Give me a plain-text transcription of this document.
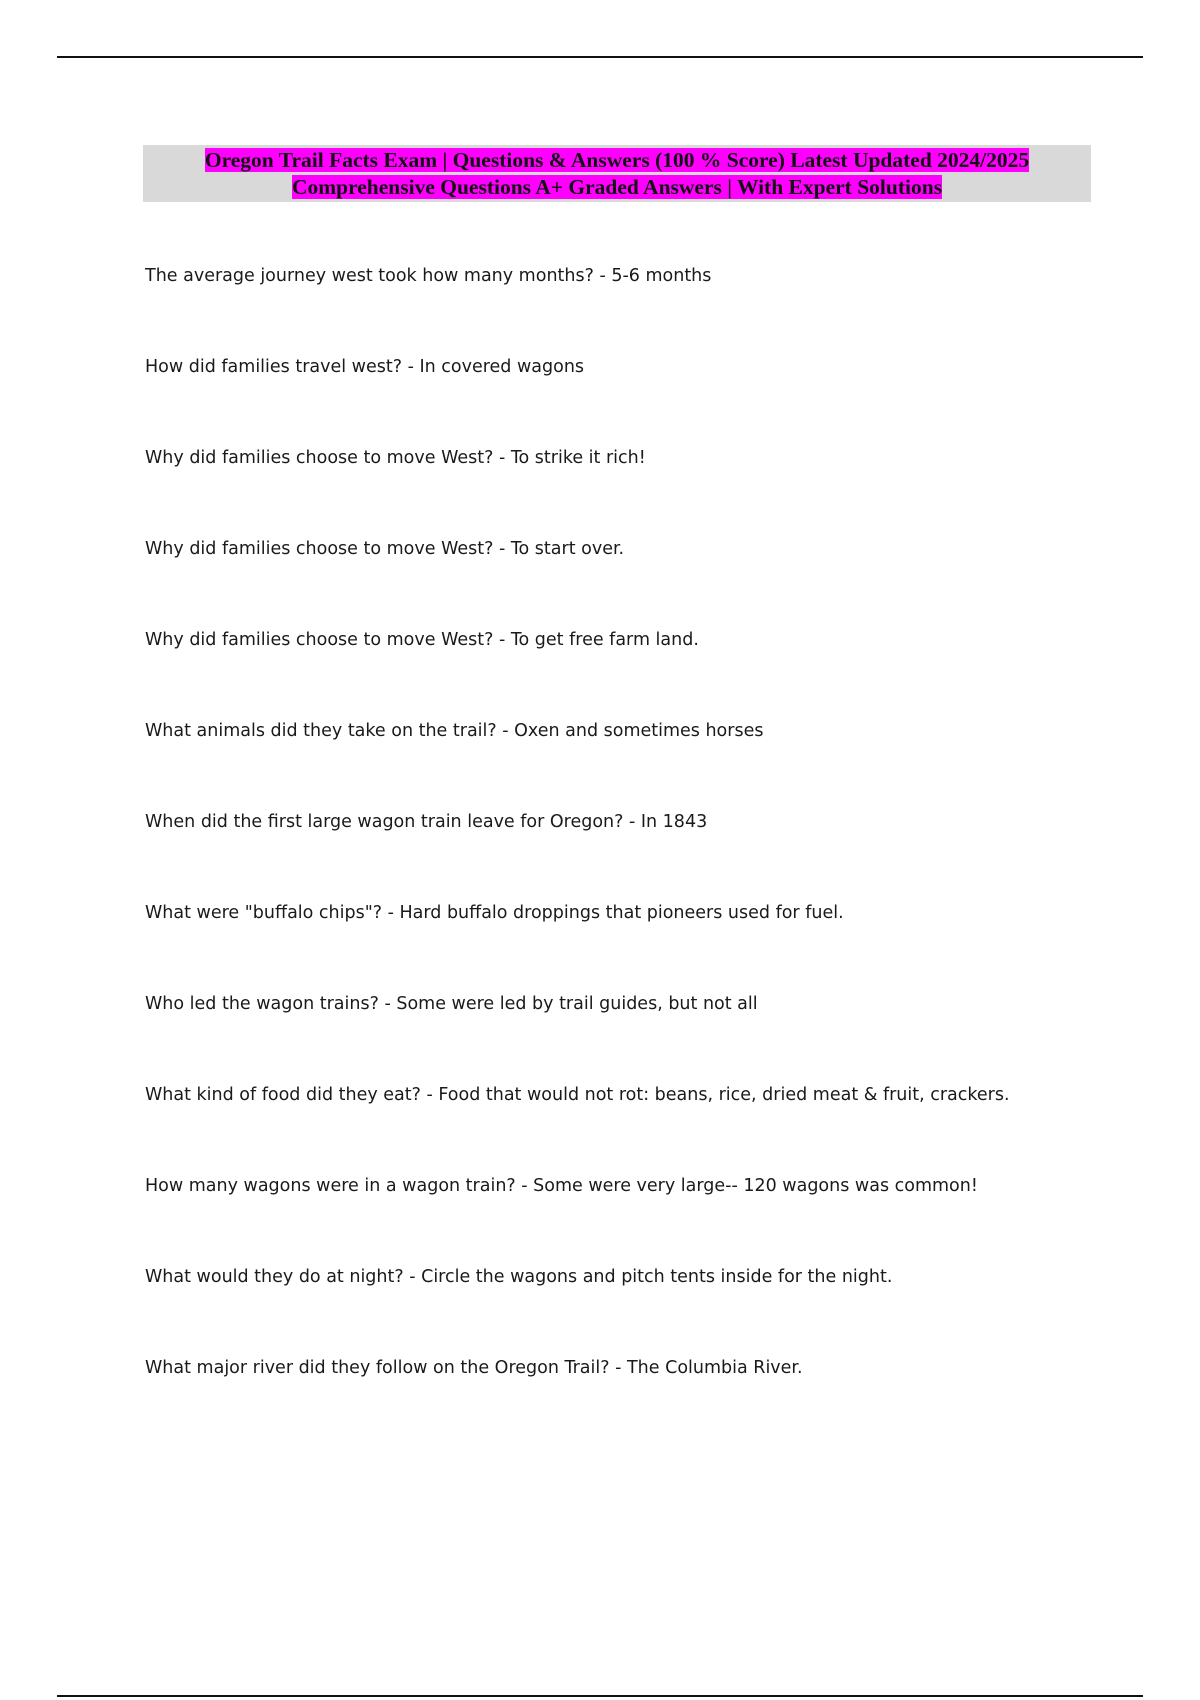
Oregon Trail Facts Exam | Questions & Answers (100 % Score) Latest Updated 2024/2025
Comprehensive Questions A+ Graded Answers | With Expert Solutions
The average journey west took how many months? - 5-6 months
How did families travel west? - In covered wagons
Why did families choose to move West? - To strike it rich!
Why did families choose to move West? - To start over.
Why did families choose to move West? - To get free farm land.
What animals did they take on the trail? - Oxen and sometimes horses
When did the first large wagon train leave for Oregon? - In 1843
What were "buffalo chips"? - Hard buffalo droppings that pioneers used for fuel.
Who led the wagon trains? - Some were led by trail guides, but not all
What kind of food did they eat? - Food that would not rot: beans, rice, dried meat & fruit, crackers.
How many wagons were in a wagon train? - Some were very large-- 120 wagons was common!
What would they do at night? - Circle the wagons and pitch tents inside for the night.
What major river did they follow on the Oregon Trail? - The Columbia River.
